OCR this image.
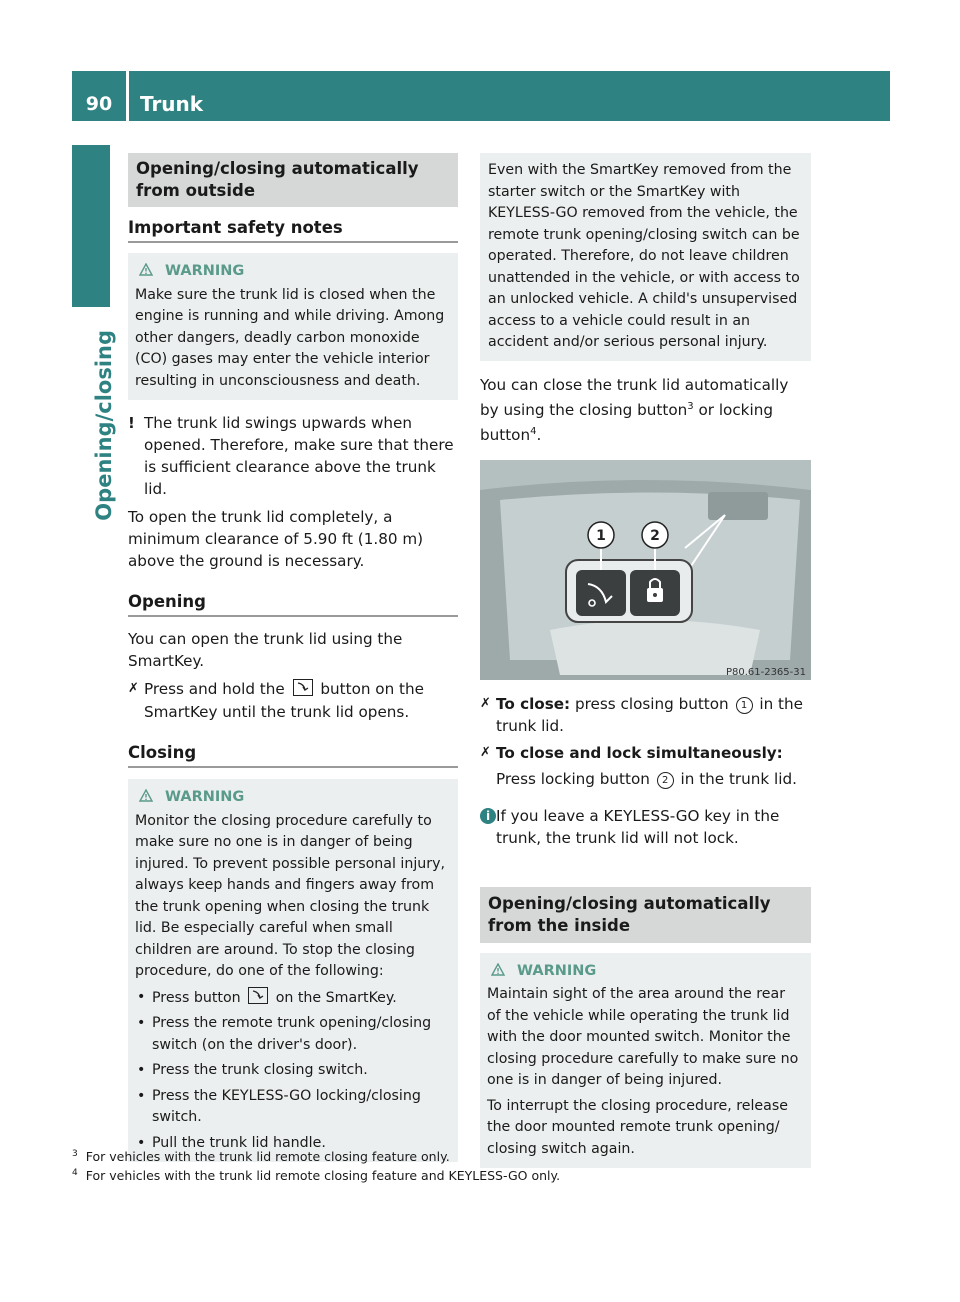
90	Trunk
Opening/closing
Opening/closing automatically from outside
Important safety notes
WARNING

Make sure the trunk lid is closed when the engine is running and while driving. Among other dangers, deadly carbon monoxide (CO) gases may enter the vehicle interior resulting in unconsciousness and death.

! The trunk lid swings upwards when opened. Therefore, make sure that there is sufficient clearance above the trunk lid.

To open the trunk lid completely, a minimum clearance of 5.90 ft (1.80 m) above the ground is necessary.

Opening

You can open the trunk lid using the SmartKey.

✗ Press and hold the button on the SmartKey until the trunk lid opens.
Closing
WARNING

Monitor the closing procedure carefully to make sure no one is in danger of being injured. To prevent possible personal injury, always keep hands and fingers away from the trunk opening when closing the trunk lid. Be especially careful when small children are around. To stop the closing procedure, do one of the following:

• Press button on the SmartKey.
• Press the remote trunk opening/closing switch (on the driver's door).
• Press the trunk closing switch.
• Press the KEYLESS-GO locking/closing switch.
• Pull the trunk lid handle.

Even with the SmartKey removed from the starter switch or the SmartKey with KEYLESS-GO removed from the vehicle, the remote trunk opening/closing switch can be operated. Therefore, do not leave children unattended in the vehicle, or with access to an unlocked vehicle. A child's unsupervised access to a vehicle could result in an accident and/or serious personal injury.

You can close the trunk lid automatically by using the closing button$^3$ or locking button$^4$.

1	2
P80.61-2365-31
✗ To close: press closing button 1 in the trunk lid.
✗ To close and lock simultaneously:
Press locking button 2 in the trunk lid.
i If you leave a KEYLESS-GO key in the trunk, the trunk lid will not lock.
Opening/closing automatically from the inside
WARNING

Maintain sight of the area around the rear of the vehicle while operating the trunk lid with the door mounted switch. Monitor the closing procedure carefully to make sure no one is in danger of being injured.

To interrupt the closing procedure, release the door mounted remote trunk opening/ closing switch again.

$^3$ For vehicles with the trunk lid remote closing feature only.
$^4$ For vehicles with the trunk lid remote closing feature and KEYLESS-GO only.
